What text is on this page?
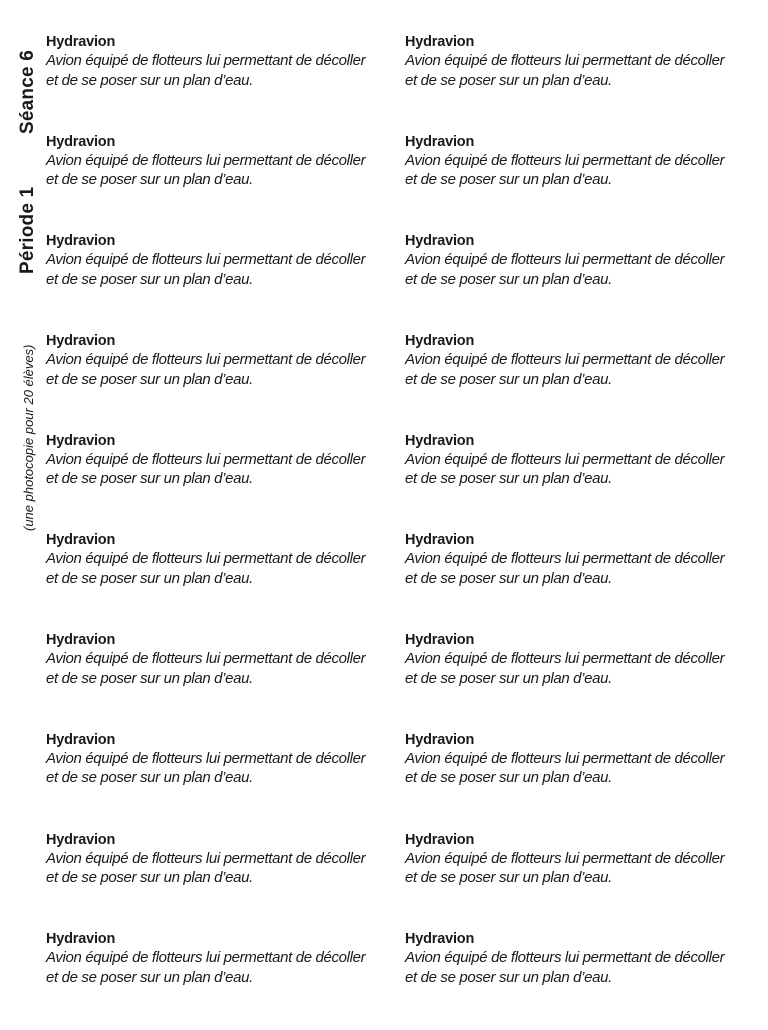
Séance 6

Période 1

(une photocopie pour 20 élèves)

Hydravion

Avion équipé de flotteurs lui permettant de décoller et de se poser sur un plan d’eau.

Hydravion

Avion équipé de flotteurs lui permettant de décoller et de se poser sur un plan d’eau.

Hydravion

Avion équipé de flotteurs lui permettant de décoller et de se poser sur un plan d’eau.

Hydravion

Avion équipé de flotteurs lui permettant de décoller et de se poser sur un plan d’eau.

Hydravion

Avion équipé de flotteurs lui permettant de décoller et de se poser sur un plan d’eau.

Hydravion

Avion équipé de flotteurs lui permettant de décoller et de se poser sur un plan d’eau.

Hydravion

Avion équipé de flotteurs lui permettant de décoller et de se poser sur un plan d’eau.

Hydravion

Avion équipé de flotteurs lui permettant de décoller et de se poser sur un plan d’eau.

Hydravion

Avion équipé de flotteurs lui permettant de décoller et de se poser sur un plan d’eau.

Hydravion

Avion équipé de flotteurs lui permettant de décoller et de se poser sur un plan d’eau.

Hydravion

Avion équipé de flotteurs lui permettant de décoller et de se poser sur un plan d’eau.

Hydravion

Avion équipé de flotteurs lui permettant de décoller et de se poser sur un plan d’eau.

Hydravion

Avion équipé de flotteurs lui permettant de décoller et de se poser sur un plan d’eau.

Hydravion

Avion équipé de flotteurs lui permettant de décoller et de se poser sur un plan d’eau.

Hydravion

Avion équipé de flotteurs lui permettant de décoller et de se poser sur un plan d’eau.

Hydravion

Avion équipé de flotteurs lui permettant de décoller et de se poser sur un plan d’eau.

Hydravion

Avion équipé de flotteurs lui permettant de décoller et de se poser sur un plan d’eau.

Hydravion

Avion équipé de flotteurs lui permettant de décoller et de se poser sur un plan d’eau.

Hydravion

Avion équipé de flotteurs lui permettant de décoller et de se poser sur un plan d’eau.

Hydravion

Avion équipé de flotteurs lui permettant de décoller et de se poser sur un plan d’eau.
